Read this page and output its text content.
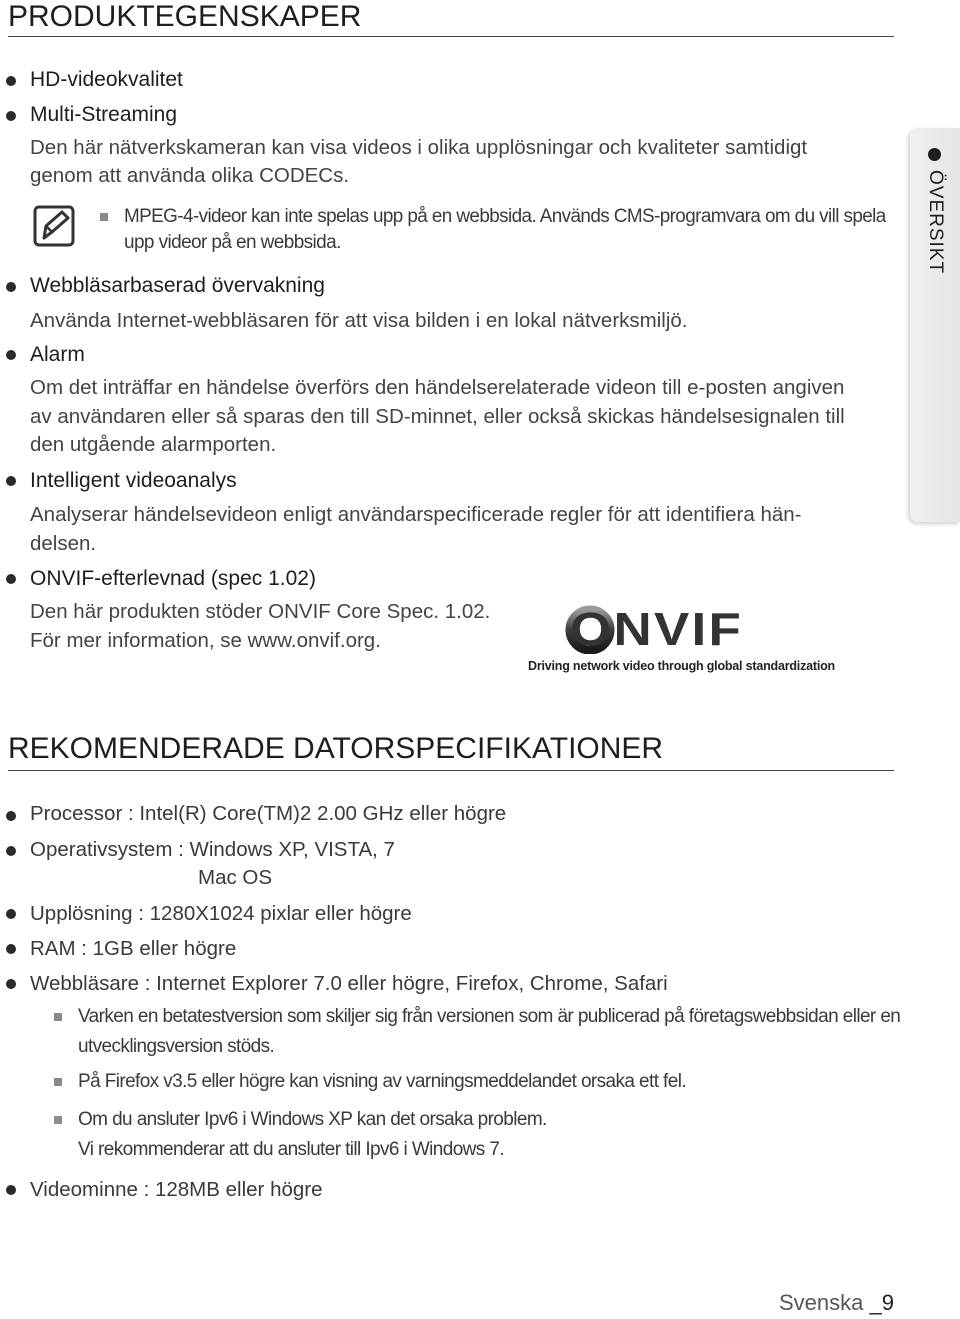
PRODUKTEGENSKAPER
HD-videokvalitet
Multi-Streaming
Den här nätverkskameran kan visa videos i olika upplösningar och kvaliteter samtidigt
genom att använda olika CODECs.
MPEG-4-videor kan inte spelas upp på en webbsida. Används CMS-programvara om du vill spela
upp videor på en webbsida.
Webbläsarbaserad övervakning
Använda Internet-webbläsaren för att visa bilden i en lokal nätverksmiljö.
Alarm
Om det inträffar en händelse överförs den händelserelaterade videon till e-posten angiven
av användaren eller så sparas den till SD-minnet, eller också skickas händelsesignalen till
den utgående alarmporten.
Intelligent videoanalys
Analyserar händelsevideon enligt användarspecificerade regler för att identifiera hän-
delsen.
ONVIF-efterlevnad (spec 1.02)
Den här produkten stöder ONVIF Core Spec. 1.02.
För mer information, se www.onvif.org.	ONVIF
Driving network video through global standardization
REKOMENDERADE DATORSPECIFIKATIONER
Processor : Intel(R) Core(TM)2 2.00 GHz eller högre
Operativsystem : Windows XP, VISTA, 7
Mac OS
Upplösning : 1280X1024 pixlar eller högre
RAM : 1GB eller högre
Webbläsare : Internet Explorer 7.0 eller högre, Firefox, Chrome, Safari
Varken en betatestversion som skiljer sig från versionen som är publicerad på företagswebbsidan eller en
utvecklingsversion stöds.
På Firefox v3.5 eller högre kan visning av varningsmeddelandet orsaka ett fel.
Om du ansluter Ipv6 i Windows XP kan det orsaka problem.
Vi rekommenderar att du ansluter till Ipv6 i Windows 7.
Videominne : 128MB eller högre
ÖVERSIKT
Svenska _9
